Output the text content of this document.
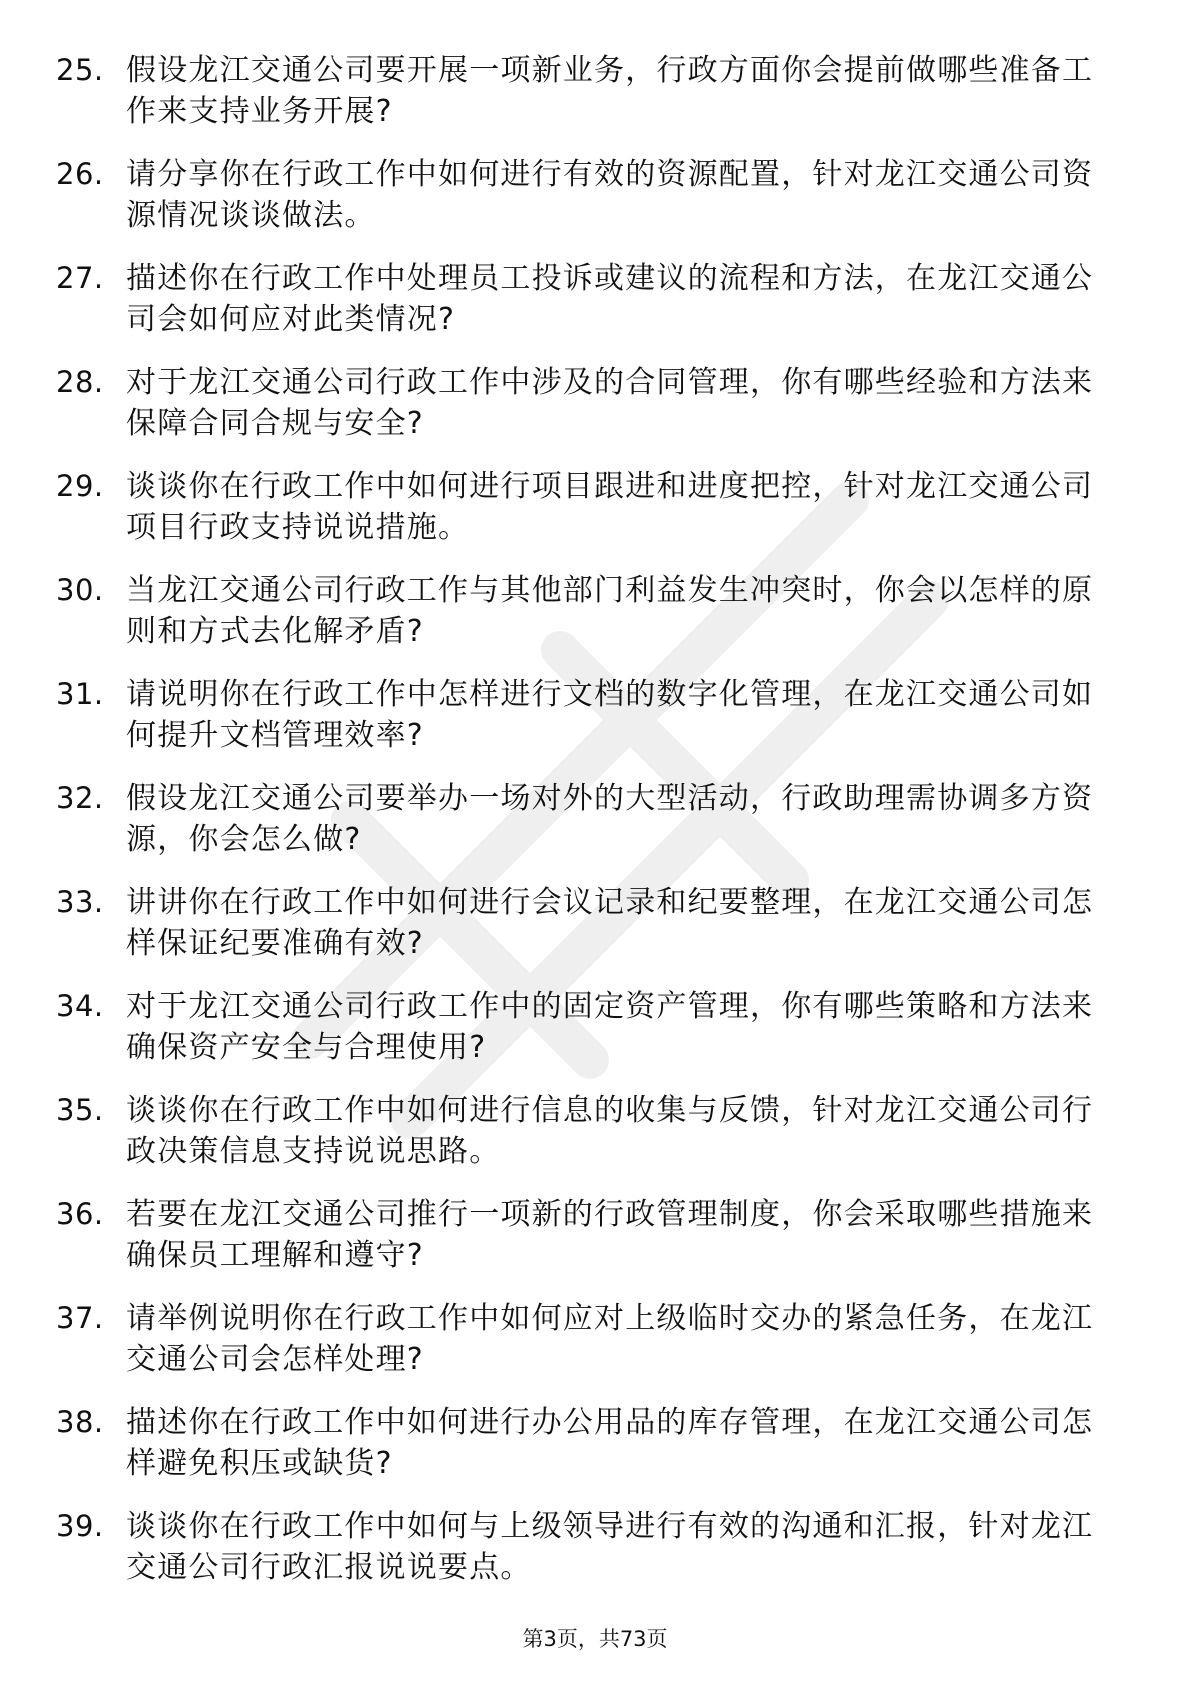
25. 假设龙江交通公司要开展一项新业务，行政方面你会提前做哪些准备工作来支持业务开展?
26. 请分享你在行政工作中如何进行有效的资源配置，针对龙江交通公司资源情况谈谈做法。
27. 描述你在行政工作中处理员工投诉或建议的流程和方法，在龙江交通公司会如何应对此类情况?
28. 对于龙江交通公司行政工作中涉及的合同管理，你有哪些经验和方法来保障合同合规与安全?
29. 谈谈你在行政工作中如何进行项目跟进和进度把控，针对龙江交通公司项目行政支持说说措施。
30. 当龙江交通公司行政工作与其他部门利益发生冲突时，你会以怎样的原则和方式去化解矛盾?
31. 请说明你在行政工作中怎样进行文档的数字化管理，在龙江交通公司如何提升文档管理效率?
32. 假设龙江交通公司要举办一场对外的大型活动，行政助理需协调多方资源，你会怎么做?
33. 讲讲你在行政工作中如何进行会议记录和纪要整理，在龙江交通公司怎样保证纪要准确有效?
34. 对于龙江交通公司行政工作中的固定资产管理，你有哪些策略和方法来确保资产安全与合理使用?
35. 谈谈你在行政工作中如何进行信息的收集与反馈，针对龙江交通公司行政决策信息支持说说思路。
36. 若要在龙江交通公司推行一项新的行政管理制度，你会采取哪些措施来确保员工理解和遵守?
37. 请举例说明你在行政工作中如何应对上级临时交办的紧急任务，在龙江交通公司会怎样处理?
38. 描述你在行政工作中如何进行办公用品的库存管理，在龙江交通公司怎样避免积压或缺货?
39. 谈谈你在行政工作中如何与上级领导进行有效的沟通和汇报，针对龙江交通公司行政汇报说说要点。
第3页，共73页
